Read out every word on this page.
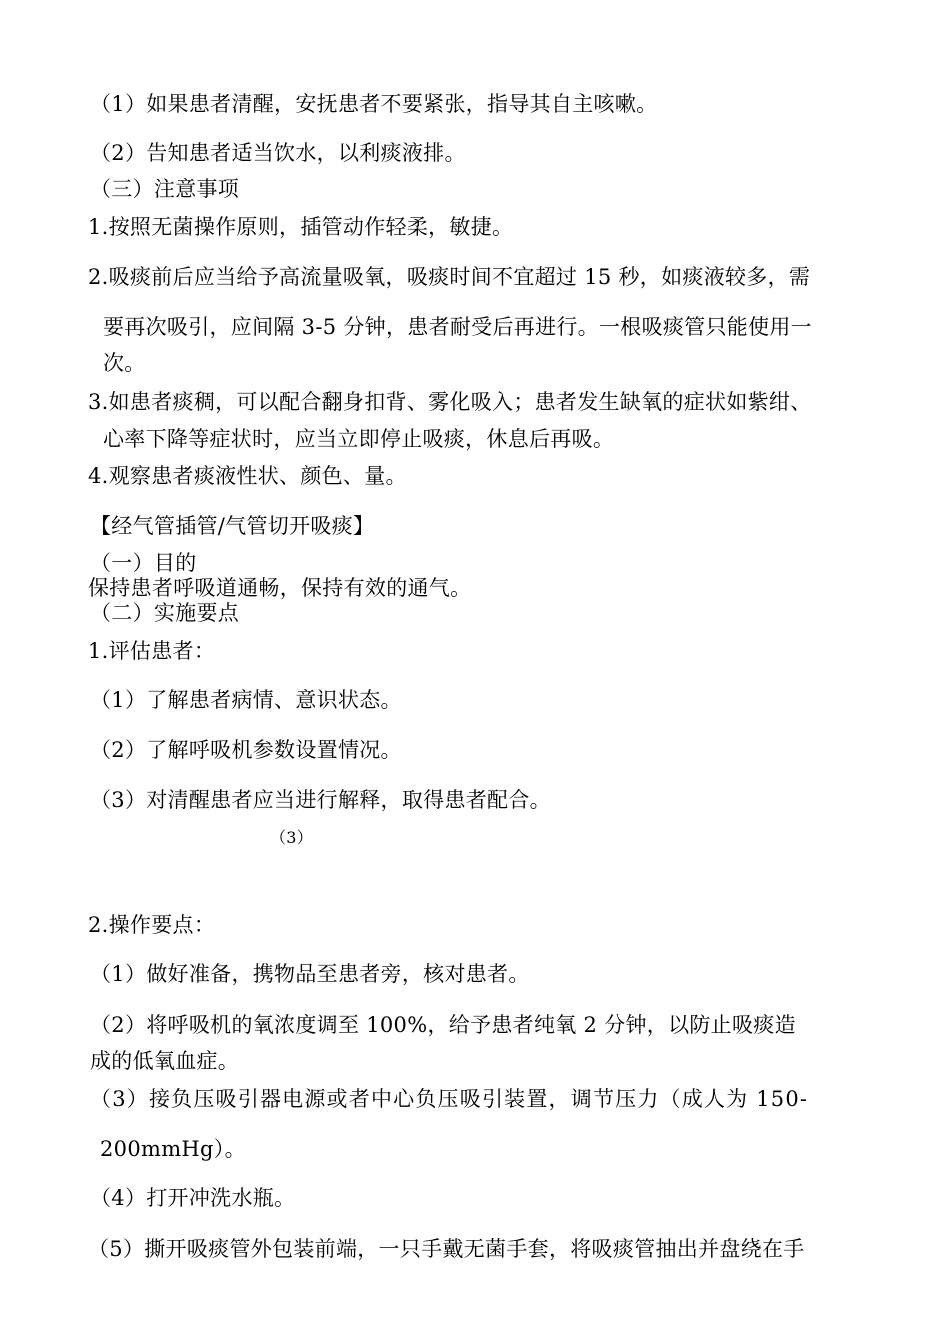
（1）如果患者清醒，安抚患者不要紧张，指导其自主咳嗽。
（2）告知患者适当饮水，以利痰液排。
（三）注意事项
1.按照无菌操作原则，插管动作轻柔，敏捷。
2.吸痰前后应当给予高流量吸氧，吸痰时间不宜超过 15 秒，如痰液较多，需
要再次吸引，应间隔 3-5 分钟，患者耐受后再进行。一根吸痰管只能使用一
次。
3.如患者痰稠，可以配合翻身扣背、雾化吸入；患者发生缺氧的症状如紫绀、
心率下降等症状时，应当立即停止吸痰，休息后再吸。
4.观察患者痰液性状、颜色、量。
【经气管插管/气管切开吸痰】
（一）目的
保持患者呼吸道通畅，保持有效的通气。
（二）实施要点
1.评估患者：
（1）了解患者病情、意识状态。
（2）了解呼吸机参数设置情况。
（3）对清醒患者应当进行解释，取得患者配合。
（3）
2.操作要点：
（1）做好准备，携物品至患者旁，核对患者。
（2）将呼吸机的氧浓度调至 100%，给予患者纯氧 2 分钟，以防止吸痰造
成的低氧血症。
（3）接负压吸引器电源或者中心负压吸引装置，调节压力（成人为 150-
200mmHg）。
（4）打开冲洗水瓶。
（5）撕开吸痰管外包装前端，一只手戴无菌手套，将吸痰管抽出并盘绕在手
